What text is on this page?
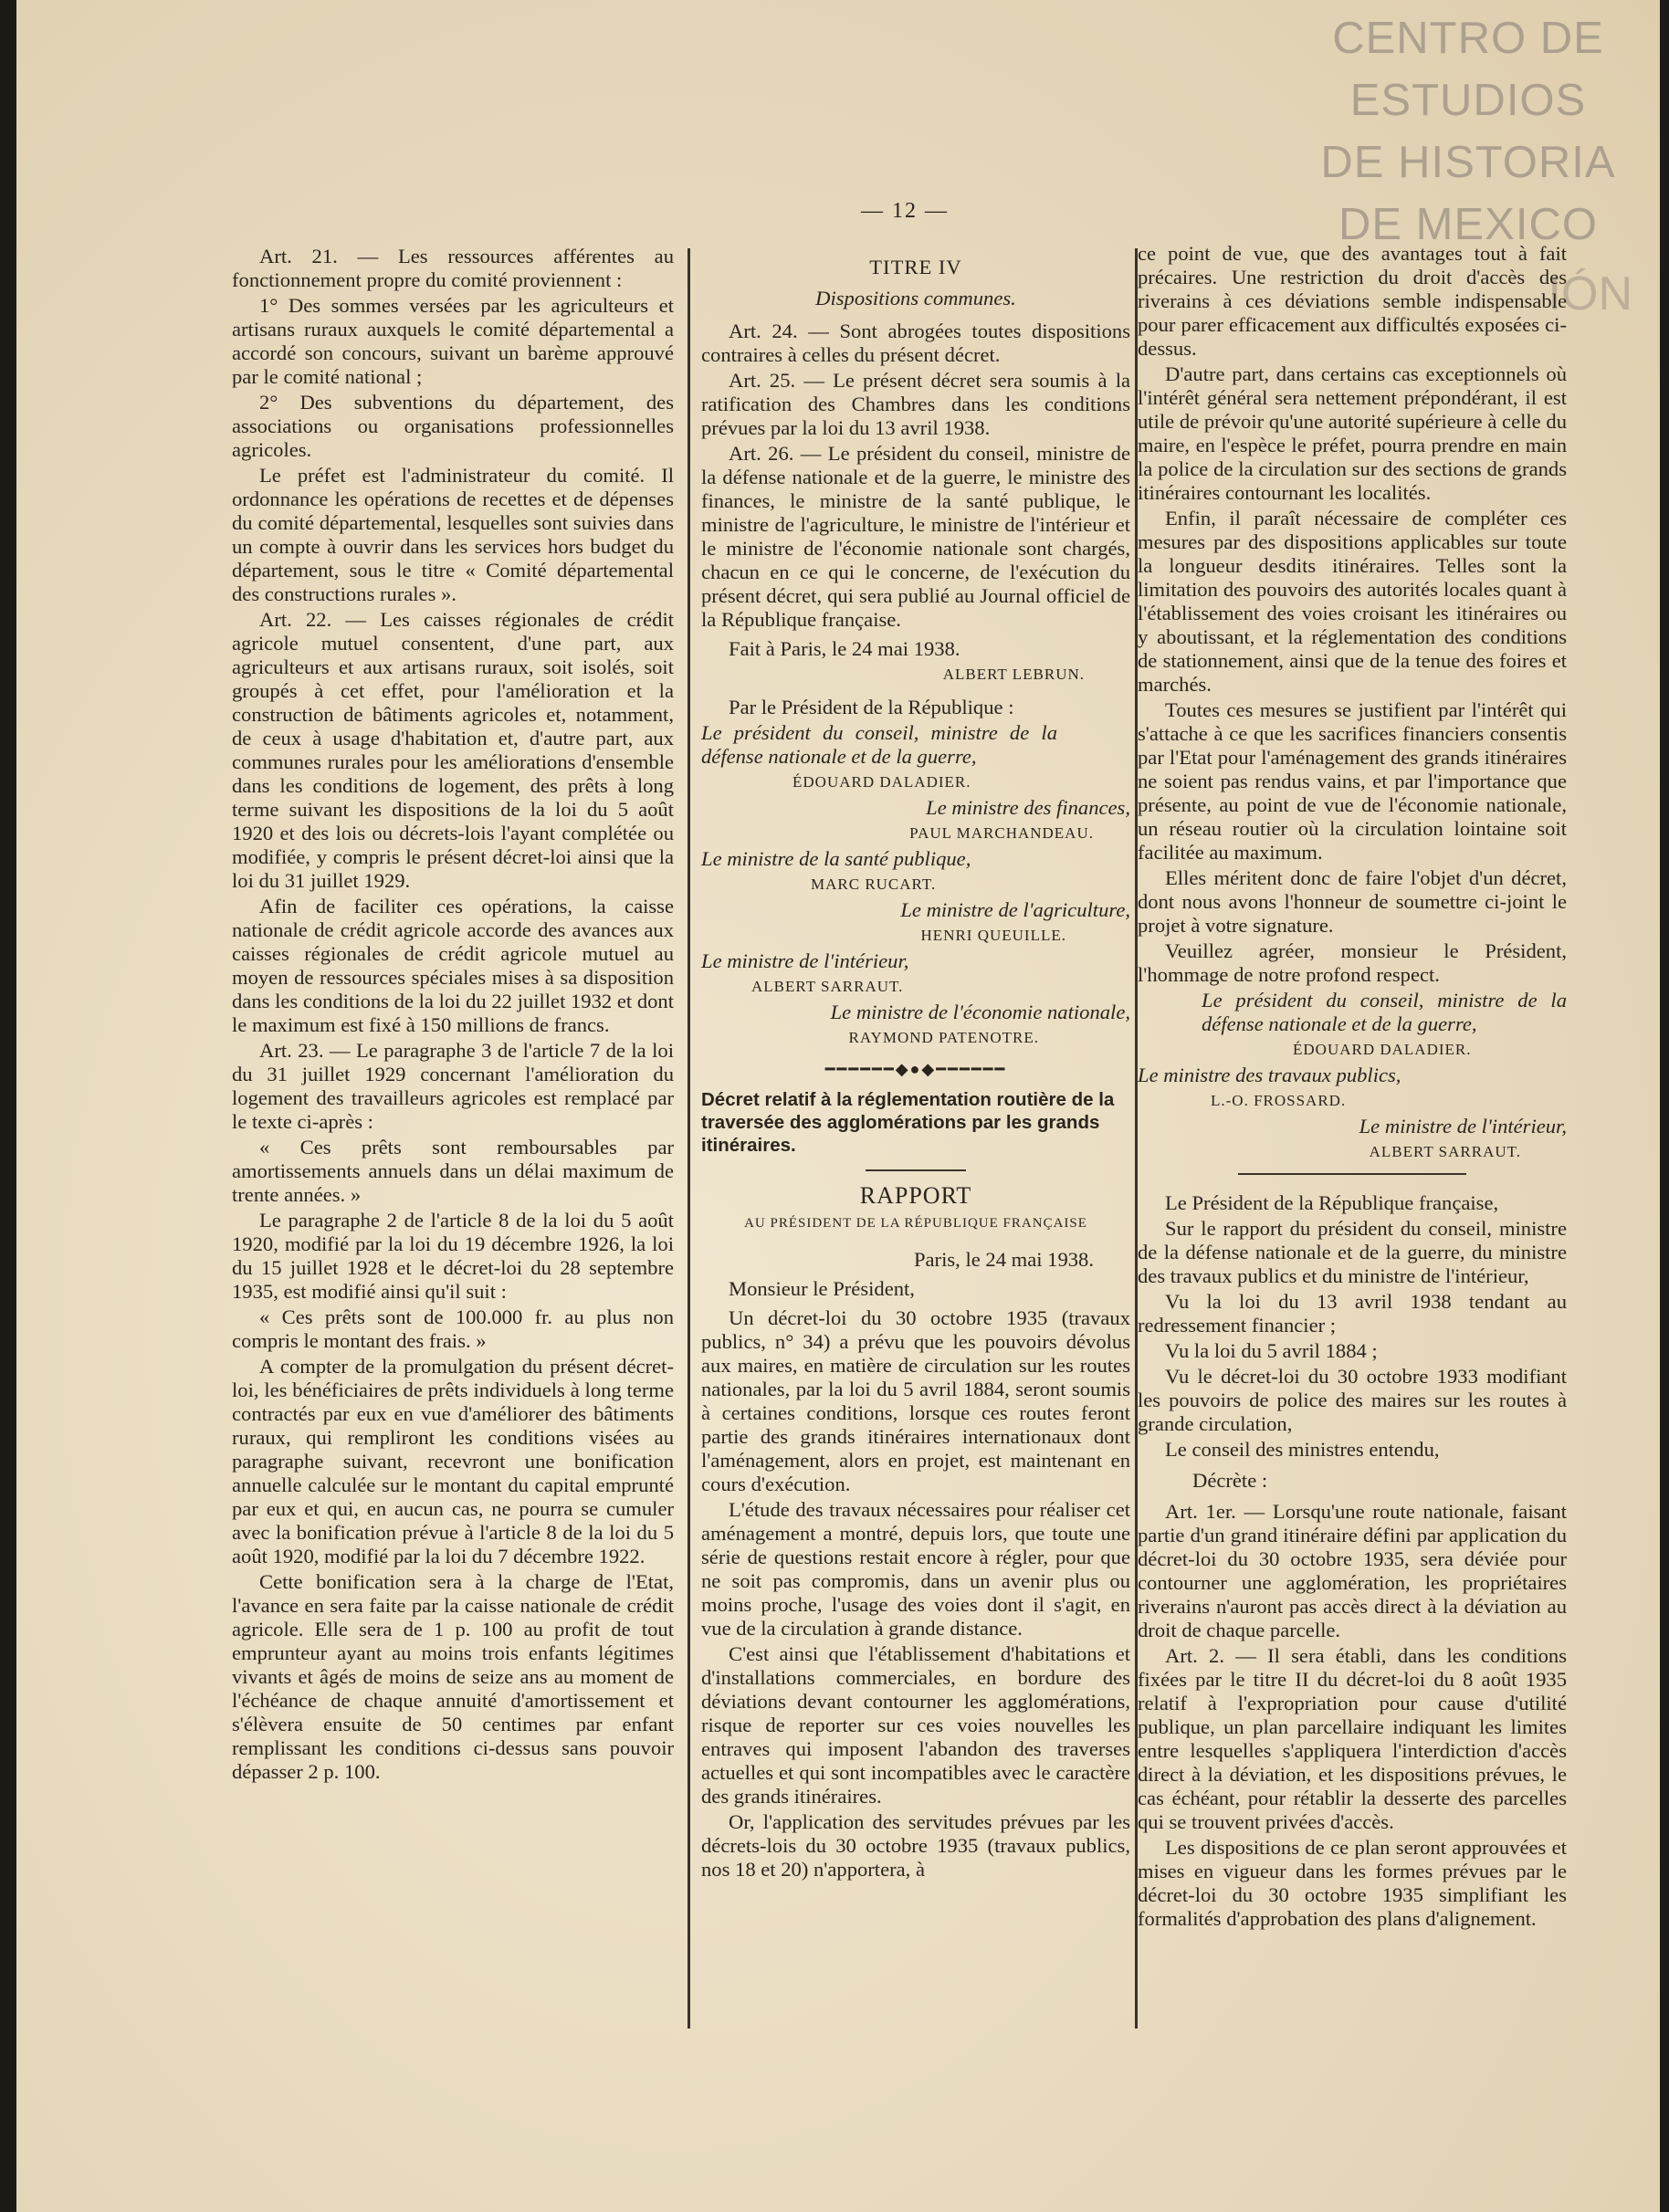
CENTRO DE
ESTUDIOS
DE HISTORIA
DE MEXICO
IÓN
— 12 —

Art. 21. — Les ressources afférentes au fonctionnement propre du comité proviennent :

1° Des sommes versées par les agriculteurs et artisans ruraux auxquels le comité départemental a accordé son concours, suivant un barème approuvé par le comité national ;

2° Des subventions du département, des associations ou organisations professionnelles agricoles.

Le préfet est l'administrateur du comité. Il ordonnance les opérations de recettes et de dépenses du comité départemental, lesquelles sont suivies dans un compte à ouvrir dans les services hors budget du département, sous le titre « Comité départemental des constructions rurales ».

Art. 22. — Les caisses régionales de crédit agricole mutuel consentent, d'une part, aux agriculteurs et aux artisans ruraux, soit isolés, soit groupés à cet effet, pour l'amélioration et la construction de bâtiments agricoles et, notamment, de ceux à usage d'habitation et, d'autre part, aux communes rurales pour les améliorations d'ensemble dans les conditions de logement, des prêts à long terme suivant les dispositions de la loi du 5 août 1920 et des lois ou décrets-lois l'ayant complétée ou modifiée, y compris le présent décret-loi ainsi que la loi du 31 juillet 1929.

Afin de faciliter ces opérations, la caisse nationale de crédit agricole accorde des avances aux caisses régionales de crédit agricole mutuel au moyen de ressources spéciales mises à sa disposition dans les conditions de la loi du 22 juillet 1932 et dont le maximum est fixé à 150 millions de francs.

Art. 23. — Le paragraphe 3 de l'article 7 de la loi du 31 juillet 1929 concernant l'amélioration du logement des travailleurs agricoles est remplacé par le texte ci-après :

« Ces prêts sont remboursables par amortissements annuels dans un délai maximum de trente années. »

Le paragraphe 2 de l'article 8 de la loi du 5 août 1920, modifié par la loi du 19 décembre 1926, la loi du 15 juillet 1928 et le décret-loi du 28 septembre 1935, est modifié ainsi qu'il suit :

« Ces prêts sont de 100.000 fr. au plus non compris le montant des frais. »

A compter de la promulgation du présent décret-loi, les bénéficiaires de prêts individuels à long terme contractés par eux en vue d'améliorer des bâtiments ruraux, qui rempliront les conditions visées au paragraphe suivant, recevront une bonification annuelle calculée sur le montant du capital emprunté par eux et qui, en aucun cas, ne pourra se cumuler avec la bonification prévue à l'article 8 de la loi du 5 août 1920, modifié par la loi du 7 décembre 1922.

Cette bonification sera à la charge de l'Etat, l'avance en sera faite par la caisse nationale de crédit agricole. Elle sera de 1 p. 100 au profit de tout emprunteur ayant au moins trois enfants légitimes vivants et âgés de moins de seize ans au moment de l'échéance de chaque annuité d'amortissement et s'élèvera ensuite de 50 centimes par enfant remplissant les conditions ci-dessus sans pouvoir dépasser 2 p. 100.

TITRE IV

Dispositions communes.

Art. 24. — Sont abrogées toutes dispositions contraires à celles du présent décret.

Art. 25. — Le présent décret sera soumis à la ratification des Chambres dans les conditions prévues par la loi du 13 avril 1938.

Art. 26. — Le président du conseil, ministre de la défense nationale et de la guerre, le ministre des finances, le ministre de la santé publique, le ministre de l'agriculture, le ministre de l'intérieur et le ministre de l'économie nationale sont chargés, chacun en ce qui le concerne, de l'exécution du présent décret, qui sera publié au Journal officiel de la République française.

Fait à Paris, le 24 mai 1938.

ALBERT LEBRUN.

Par le Président de la République :

Le président du conseil, ministre de la défense nationale et de la guerre,

ÉDOUARD DALADIER.

Le ministre des finances,

PAUL MARCHANDEAU.

Le ministre de la santé publique,

MARC RUCART.

Le ministre de l'agriculture,

HENRI QUEUILLE.

Le ministre de l'intérieur,

ALBERT SARRAUT.

Le ministre de l'économie nationale,

RAYMOND PATENOTRE.

━━━━━━◆●◆━━━━━━

Décret relatif à la réglementation routière de la traversée des agglomérations par les grands itinéraires.

RAPPORT

AU PRÉSIDENT DE LA RÉPUBLIQUE FRANÇAISE

Paris, le 24 mai 1938.

Monsieur le Président,

Un décret-loi du 30 octobre 1935 (travaux publics, n° 34) a prévu que les pouvoirs dévolus aux maires, en matière de circulation sur les routes nationales, par la loi du 5 avril 1884, seront soumis à certaines conditions, lorsque ces routes feront partie des grands itinéraires internationaux dont l'aménagement, alors en projet, est maintenant en cours d'exécution.

L'étude des travaux nécessaires pour réaliser cet aménagement a montré, depuis lors, que toute une série de questions restait encore à régler, pour que ne soit pas compromis, dans un avenir plus ou moins proche, l'usage des voies dont il s'agit, en vue de la circulation à grande distance.

C'est ainsi que l'établissement d'habitations et d'installations commerciales, en bordure des déviations devant contourner les agglomérations, risque de reporter sur ces voies nouvelles les entraves qui imposent l'abandon des traverses actuelles et qui sont incompatibles avec le caractère des grands itinéraires.

Or, l'application des servitudes prévues par les décrets-lois du 30 octobre 1935 (travaux publics, nos 18 et 20) n'apportera, à

ce point de vue, que des avantages tout à fait précaires. Une restriction du droit d'accès des riverains à ces déviations semble indispensable pour parer efficacement aux difficultés exposées ci-dessus.

D'autre part, dans certains cas exceptionnels où l'intérêt général sera nettement prépondérant, il est utile de prévoir qu'une autorité supérieure à celle du maire, en l'espèce le préfet, pourra prendre en main la police de la circulation sur des sections de grands itinéraires contournant les localités.

Enfin, il paraît nécessaire de compléter ces mesures par des dispositions applicables sur toute la longueur desdits itinéraires. Telles sont la limitation des pouvoirs des autorités locales quant à l'établissement des voies croisant les itinéraires ou y aboutissant, et la réglementation des conditions de stationnement, ainsi que de la tenue des foires et marchés.

Toutes ces mesures se justifient par l'intérêt qui s'attache à ce que les sacrifices financiers consentis par l'Etat pour l'aménagement des grands itinéraires ne soient pas rendus vains, et par l'importance que présente, au point de vue de l'économie nationale, un réseau routier où la circulation lointaine soit facilitée au maximum.

Elles méritent donc de faire l'objet d'un décret, dont nous avons l'honneur de soumettre ci-joint le projet à votre signature.

Veuillez agréer, monsieur le Président, l'hommage de notre profond respect.

Le président du conseil, ministre de la défense nationale et de la guerre,

ÉDOUARD DALADIER.

Le ministre des travaux publics,

L.-O. FROSSARD.

Le ministre de l'intérieur,

ALBERT SARRAUT.

Le Président de la République française,

Sur le rapport du président du conseil, ministre de la défense nationale et de la guerre, du ministre des travaux publics et du ministre de l'intérieur,

Vu la loi du 13 avril 1938 tendant au redressement financier ;

Vu la loi du 5 avril 1884 ;

Vu le décret-loi du 30 octobre 1933 modifiant les pouvoirs de police des maires sur les routes à grande circulation,

Le conseil des ministres entendu,

Décrète :

Art. 1er. — Lorsqu'une route nationale, faisant partie d'un grand itinéraire défini par application du décret-loi du 30 octobre 1935, sera déviée pour contourner une agglomération, les propriétaires riverains n'auront pas accès direct à la déviation au droit de chaque parcelle.

Art. 2. — Il sera établi, dans les conditions fixées par le titre II du décret-loi du 8 août 1935 relatif à l'expropriation pour cause d'utilité publique, un plan parcellaire indiquant les limites entre lesquelles s'appliquera l'interdiction d'accès direct à la déviation, et les dispositions prévues, le cas échéant, pour rétablir la desserte des parcelles qui se trouvent privées d'accès.

Les dispositions de ce plan seront approuvées et mises en vigueur dans les formes prévues par le décret-loi du 30 octobre 1935 simplifiant les formalités d'approbation des plans d'alignement.
